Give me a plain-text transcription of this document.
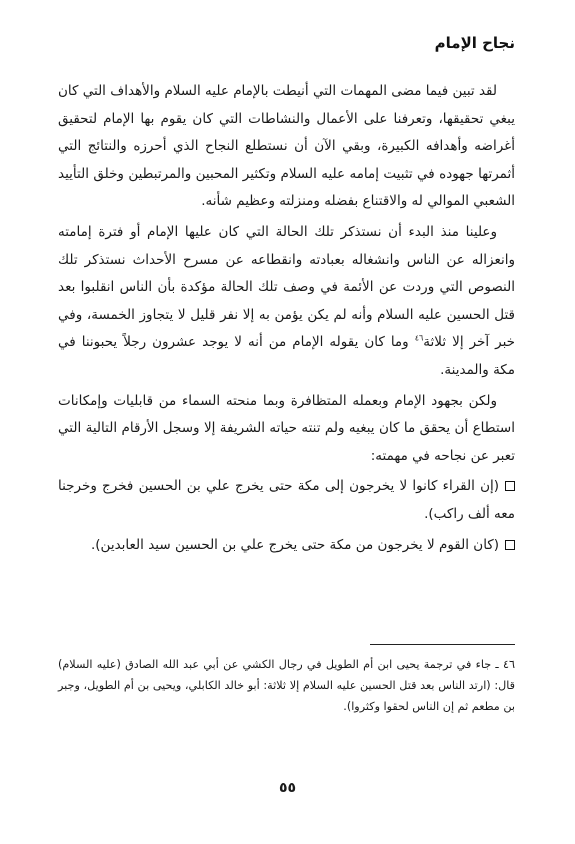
نجاح الإمام

لقد تبين فيما مضى المهمات التي أنيطت بالإمام عليه السلام والأهداف التي كان يبغي تحقيقها، وتعرفنا على الأعمال والنشاطات التي كان يقوم بها الإمام لتحقيق أغراضه وأهدافه الكبيرة، وبقي الآن أن نستطلع النجاح الذي أحرزه والنتائج التي أثمرتها جهوده في تثبيت إمامه عليه السلام وتكثير المحبين والمرتبطين وخلق التأييد الشعبي الموالي له والاقتناع بفضله ومنزلته وعظيم شأنه.

وعلينا منذ البدء أن نستذكر تلك الحالة التي كان عليها الإمام أو فترة إمامته وانعزاله عن الناس وانشغاله بعبادته وانقطاعه عن مسرح الأحداث نستذكر تلك النصوص التي وردت عن الأئمة في وصف تلك الحالة مؤكدة بأن الناس انقلبوا بعد قتل الحسين عليه السلام وأنه لم يكن يؤمن به إلا نفر قليل لا يتجاوز الخمسة، وفي خبر آخر إلا ثلاثة$^{٤٦}$ وما كان يقوله الإمام من أنه لا يوجد عشرون رجلاً يحبوننا في مكة والمدينة.

ولكن بجهود الإمام وبعمله المتظافرة وبما منحته السماء من قابليات وإمكانات استطاع أن يحقق ما كان يبغيه ولم تنته حياته الشريفة إلا وسجل الأرقام التالية التي تعبر عن نجاحه في مهمته:

(إن القراء كانوا لا يخرجون إلى مكة حتى يخرج علي بن الحسين فخرج وخرجنا معه ألف راكب).
(كان القوم لا يخرجون من مكة حتى يخرج علي بن الحسين سيد العابدين).

٤٦ ـ جاء في ترجمة يحيى ابن أم الطويل في رجال الكشي عن أبي عبد الله الصادق (عليه السلام) قال: (ارتد الناس بعد قتل الحسين عليه السلام إلا ثلاثة: أبو خالد الكابلي، ويحيى بن أم الطويل، وجبر بن مطعم ثم إن الناس لحقوا وكثروا).

٥٥
